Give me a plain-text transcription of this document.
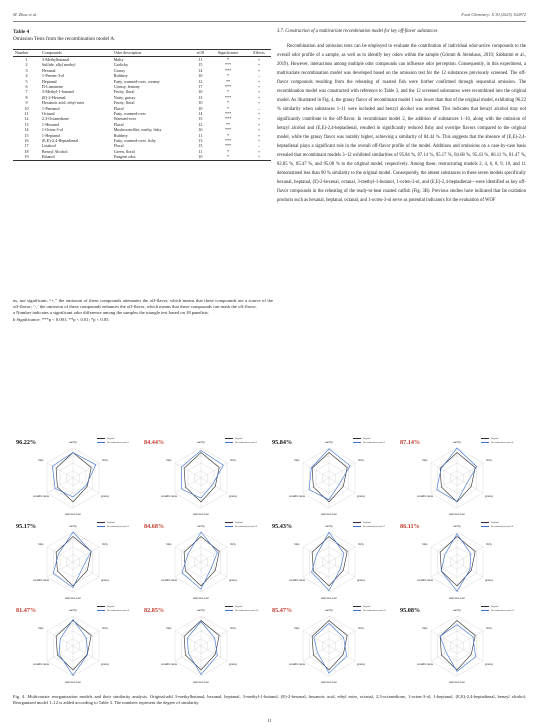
M. Zhou et al.	Food Chemistry: X 30 (2025) 102872
Table 4
Omission Tests from the recombination model A.
Number	Compounds	Odor description	n/18	Significance	Effects
1	3-Methylbutanal	Malty	11	*	+
2	Sulfide, allyl methyl	Garlicky	15	***	+
3	Hexanal	Grassy	14	***	+
4	1-Penten-3-ol	Rubbery	10	*	–
5	Heptanal	Fatty, warmed-over, creamy	12	**	+
6	D-Limonene	Citrusy, lemony	17	***	+
7	3-Methyl-1-butanol	Fruity, floral	10	*	+
8	(E)-2-Hexenal	Nutty, grassy	13	***	+
9	Hexanoic acid, ethyl ester	Fruity, floral	10	*	+
10	1-Pentanol	Floral	10	*	–
11	Octanal	Fatty, warmed-over	14	***	+
12	2,3-Octanedione	Warmed-over	15	***	+
13	1-Hexanol	Floral	12	**	+
14	1-Octen-3-ol	Mushroom-like, earthy, fishy	16	***	+
15	1-Heptanol	Rubbery	11	*	+
16	(E,E)-2,4-Heptadienal	Fatty, warmed-over, fishy	13	***	+
17	Linalool	Floral	15	***	–
18	Benzyl Alcohol	Green, floral	11	*	+
19	Ethanol	Pungent odor	10	*	+
ns, not significant; “+,” the omission of these compounds attenuates the off-flavor, which means that these compounds are a source of the off-flavor; ‘-,’ the omission of these compounds enhances the off-flavor, which means that these compounds can mask the off-flavor.
a Number indicates a significant odor difference among the samples the triangle test based on 18 panelists.
b Significance: ***p < 0.001; **p < 0.01; *p < 0.05.
3.7. Construction of a multivariate recombination model for key off-flavor substances

Recombination and omission tests can be employed to evaluate the contribution of individual odor-active compounds to the overall odor profile of a sample, as well as to identify key odors within the sample (Grimm & Steinhaus, 2019; Sabbatini et al., 2019). However, interactions among multiple odor compounds can influence odor perception. Consequently, in this experiment, a multivariate recombination model was developed based on the omission test for the 12 substances previously screened. The off-flavor compounds resulting from the reheating of roasted fish were further confirmed through sequential omission. The recombination model was constructed with reference to Table 3, and the 12 screened substances were recombined into the original model. As illustrated in Fig. 4, the grassy flavor of recombinant model 1 was lower than that of the original model, exhibiting 96.22 % similarity when substances 1–11 were included and benzyl alcohol was omitted. This indicates that benzyl alcohol may not significantly contribute to the off-flavor. In recombinant model 2, the addition of substances 1–10, along with the omission of benzyl alcohol and (E,E)-2,4-heptadienal, resulted in significantly reduced fishy and overripe flavors compared to the original model, while the grassy flavor was notably higher, achieving a similarity of 84.44 %. This suggests that the absence of (E,E)-2,4-heptadienal plays a significant role in the overall off-flavor profile of the model. Additions and omissions on a case-by-case basis revealed that recombinant models 3–12 exhibited similarities of 95.84 %, 87.14 %, 95.17 %, 84.68 %, 95.43 %, 86.11 %, 81.47 %, 82.85 %, 85.47 %, and 95.08 % to the original model, respectively. Among these, restructuring models 2, 4, 6, 8, 9, 10, and 11 demonstrated less than 90 % similarity to the original model. Consequently, the absent substances in these seven models specifically hexanal, heptanal, (E)-2-hexenal, octanal, 3-methyl-1-butanol, 1-octen-3-ol, and (E,E)-2,4-heptadienal—were identified as key off-flavor compounds in the reheating of the ready-to-heat roasted catfish (Fig. 3B). Previous studies have indicated that fat oxidation products such as hexanal, heptanal, octanal, and 1-octen-3-ol serve as potential indicators for the evaluation of WOF

earthy
fishy
grassy
warmed-over
metallic taste
fatty
96.22%	Original
Recombination model 1	earthy
fishy
grassy
warmed-over
metallic taste
fatty
84.44%	Original
Recombination model 2	earthy
fishy
grassy
warmed-over
metallic taste
fatty
95.84%	Original
Recombination model 3	earthy
fishy
grassy
warmed-over
metallic taste
fatty
87.14%	Original
Recombination model 4
earthy
fishy
grassy
warmed-over
metallic taste
fatty
95.17%	Original
Recombination model 5	earthy
fishy
grassy
warmed-over
metallic taste
fatty
84.68%	Original
Recombination model 6	earthy
fishy
grassy
warmed-over
metallic taste
fatty
95.43%	Original
Recombination model 7	earthy
fishy
grassy
warmed-over
metallic taste
fatty
86.11%	Original
Recombination model 8
earthy
fishy
grassy
warmed-over
metallic taste
fatty
81.47%	Original
Recombination model 9	earthy
fishy
grassy
warmed-over
metallic taste
fatty
82.85%	Original
Recombination model 10	earthy
fishy
grassy
warmed-over
metallic taste
fatty
85.47%	Original
Recombination model 11	earthy
fishy
grassy
warmed-over
metallic taste
fatty
95.08%	Original
Recombination model 12
Fig. 4. Multivariate reorganization models and their similarity analysis. Original:add 3-methylbutanal, hexanal, heptanal, 3-methyl-1-butanol, (E)-2-hexenal, hexanoic acid, ethyl ester, octanal, 2,3-octanedione, 1-octen-3-ol, 1-heptanol, (E,E)-2,4-heptadienal, benzyl alcohol. Reorganized model 1–12 is added according to Table 3. The numbers represent the degree of similarity.
11
